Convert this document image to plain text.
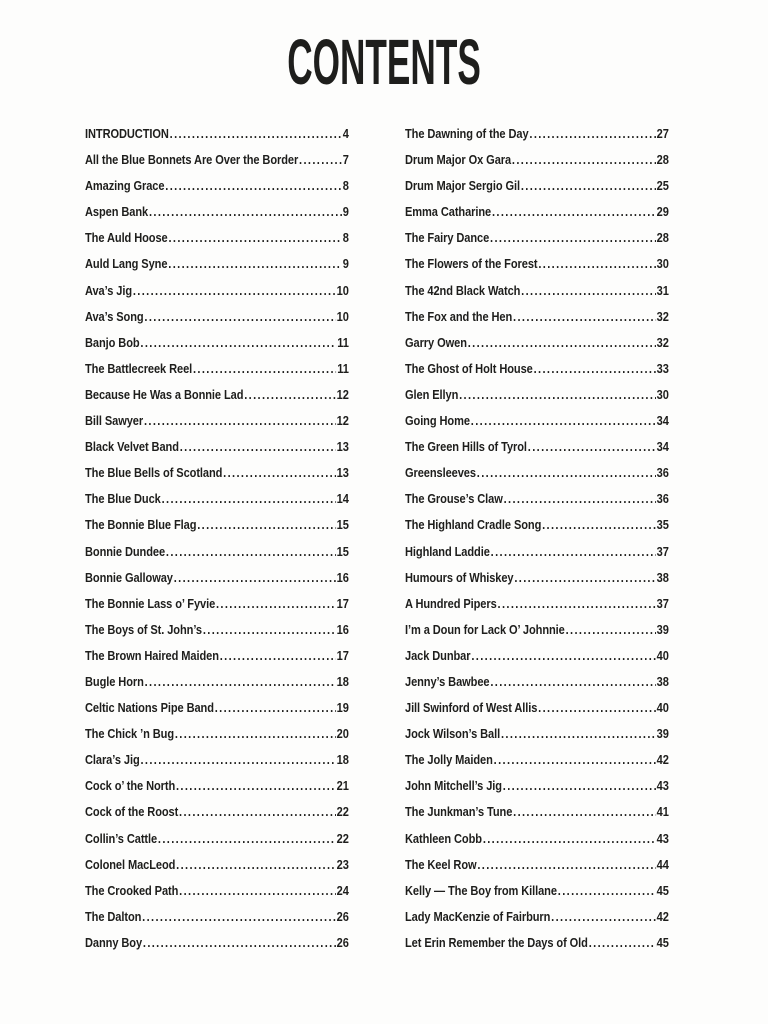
CONTENTS
INTRODUCTION .....	4
All the Blue Bonnets Are Over the Border .....	7
Amazing Grace .....	8
Aspen Bank .....	9
The Auld Hoose .....	8
Auld Lang Syne .....	9
Ava’s Jig .....	10
Ava’s Song .....	10
Banjo Bob .....	11
The Battlecreek Reel .....	11
Because He Was a Bonnie Lad .....	12
Bill Sawyer .....	12
Black Velvet Band .....	13
The Blue Bells of Scotland .....	13
The Blue Duck .....	14
The Bonnie Blue Flag .....	15
Bonnie Dundee .....	15
Bonnie Galloway .....	16
The Bonnie Lass o’ Fyvie .....	17
The Boys of St. John’s .....	16
The Brown Haired Maiden .....	17
Bugle Horn .....	18
Celtic Nations Pipe Band .....	19
The Chick ’n Bug .....	20
Clara’s Jig .....	18
Cock o’ the North .....	21
Cock of the Roost .....	22
Collin’s Cattle .....	22
Colonel MacLeod .....	23
The Crooked Path .....	24
The Dalton .....	26
Danny Boy .....	26
The Dawning of the Day .....	27
Drum Major Ox Gara .....	28
Drum Major Sergio Gil .....	25
Emma Catharine .....	29
The Fairy Dance .....	28
The Flowers of the Forest .....	30
The 42nd Black Watch .....	31
The Fox and the Hen .....	32
Garry Owen .....	32
The Ghost of Holt House .....	33
Glen Ellyn .....	30
Going Home .....	34
The Green Hills of Tyrol .....	34
Greensleeves .....	36
The Grouse’s Claw .....	36
The Highland Cradle Song .....	35
Highland Laddie .....	37
Humours of Whiskey .....	38
A Hundred Pipers .....	37
I’m a Doun for Lack O’ Johnnie .....	39
Jack Dunbar .....	40
Jenny’s Bawbee .....	38
Jill Swinford of West Allis .....	40
Jock Wilson’s Ball .....	39
The Jolly Maiden .....	42
John Mitchell’s Jig .....	43
The Junkman’s Tune .....	41
Kathleen Cobb .....	43
The Keel Row .....	44
Kelly — The Boy from Killane .....	45
Lady MacKenzie of Fairburn .....	42
Let Erin Remember the Days of Old .....	45
